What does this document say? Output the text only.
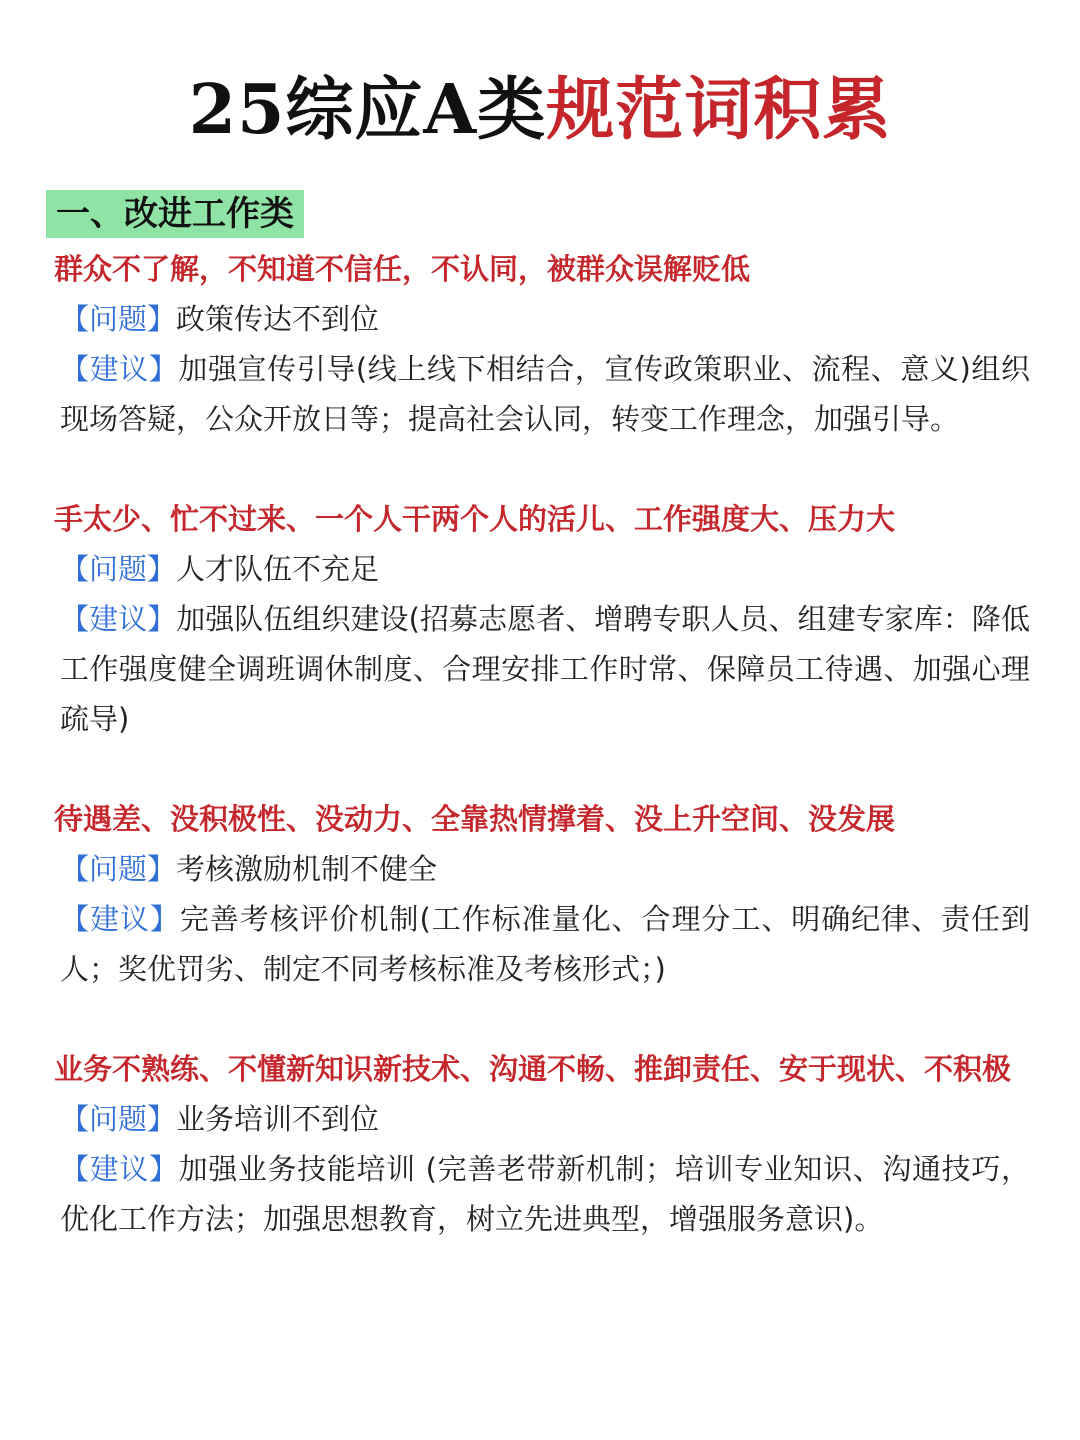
25综应A类规范词积累
一、改进工作类
群众不了解，不知道不信任，不认同，被群众误解贬低
【问题】政策传达不到位
【建议】加强宣传引导(线上线下相结合，宣传政策职业、流程、意义)组织现场答疑，公众开放日等；提高社会认同，转变工作理念，加强引导。
手太少、忙不过来、一个人干两个人的活儿、工作强度大、压力大
【问题】人才队伍不充足
【建议】加强队伍组织建设(招募志愿者、增聘专职人员、组建专家库：降低工作强度健全调班调休制度、合理安排工作时常、保障员工待遇、加强心理疏导)
待遇差、没积极性、没动力、全靠热情撑着、没上升空间、没发展
【问题】考核激励机制不健全
【建议】完善考核评价机制(工作标准量化、合理分工、明确纪律、责任到人；奖优罚劣、制定不同考核标准及考核形式；)
业务不熟练、不懂新知识新技术、沟通不畅、推卸责任、安于现状、不积极
【问题】业务培训不到位
【建议】加强业务技能培训 (完善老带新机制；培训专业知识、沟通技巧，优化工作方法；加强思想教育，树立先进典型，增强服务意识)。
